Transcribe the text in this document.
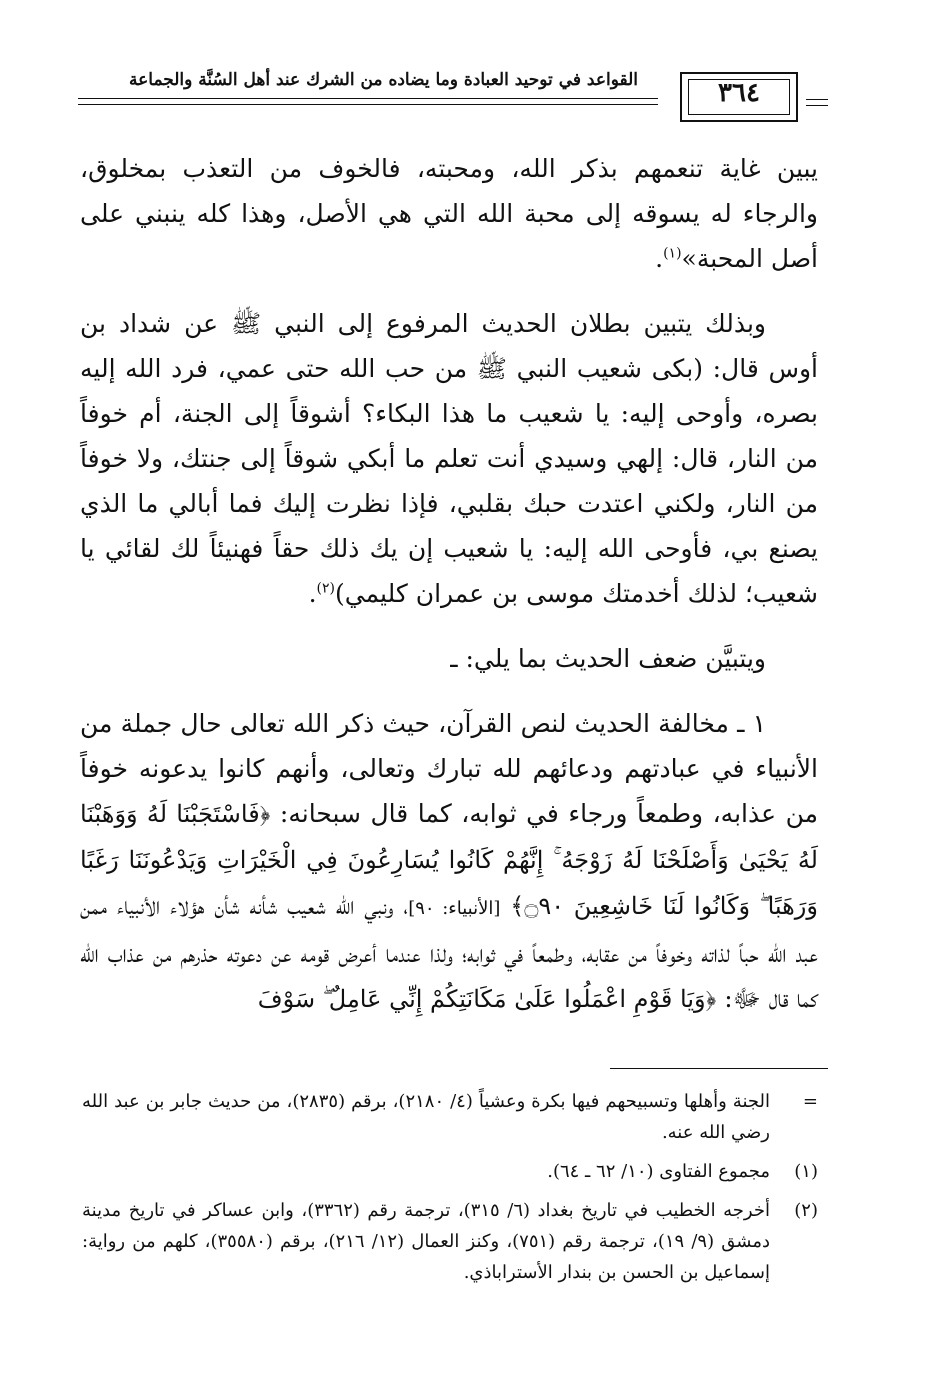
القواعد في توحيد العبادة وما يضاده من الشرك عند أهل السُنَّة والجماعة	٣٦٤

يبين غاية تنعمهم بذكر الله، ومحبته، فالخوف من التعذب بمخلوق، والرجاء له يسوقه إلى محبة الله التي هي الأصل، وهذا كله ينبني على أصل المحبة»$^{(١)}$.

وبذلك يتبين بطلان الحديث المرفوع إلى النبي ﷺ عن شداد بن أوس قال: (بكى شعيب النبي ﷺ من حب الله حتى عمي، فرد الله إليه بصره، وأوحى إليه: يا شعيب ما هذا البكاء؟ أشوقاً إلى الجنة، أم خوفاً من النار، قال: إلهي وسيدي أنت تعلم ما أبكي شوقاً إلى جنتك، ولا خوفاً من النار، ولكني اعتدت حبك بقلبي، فإذا نظرت إليك فما أبالي ما الذي يصنع بي، فأوحى الله إليه: يا شعيب إن يك ذلك حقاً فهنيئاً لك لقائي يا شعيب؛ لذلك أخدمتك موسى بن عمران كليمي)$^{(٢)}$.

ويتبيَّن ضعف الحديث بما يلي: ـ

١ ـ مخالفة الحديث لنص القرآن، حيث ذكر الله تعالى حال جملة من الأنبياء في عبادتهم ودعائهم لله تبارك وتعالى، وأنهم كانوا يدعونه خوفاً من عذابه، وطمعاً ورجاء في ثوابه، كما قال سبحانه: ﴿فَاسْتَجَبْنَا لَهُ وَوَهَبْنَا لَهُ يَحْيَىٰ وَأَصْلَحْنَا لَهُ زَوْجَهُ ۚ إِنَّهُمْ كَانُوا يُسَارِعُونَ فِي الْخَيْرَاتِ وَيَدْعُونَنَا رَغَبًا وَرَهَبًا ۖ وَكَانُوا لَنَا خَاشِعِينَ ۝٩٠﴾ [الأنبياء: ٩٠]، ونبي الله شعيب شأنه شأن هؤلاء الأنبياء ممن عبد الله حباً لذاته وخوفاً من عقابه، وطمعاً في ثوابه؛ ولذا عندما أعرض قومه عن دعوته حذرهم من عذاب الله كما قال ﷻ: ﴿وَيَا قَوْمِ اعْمَلُوا عَلَىٰ مَكَانَتِكُمْ إِنِّي عَامِلٌ ۖ سَوْفَ

=
الجنة وأهلها وتسبيحهم فيها بكرة وعشياً (٤/ ٢١٨٠)، برقم (٢٨٣٥)، من حديث جابر بن عبد الله رضي الله عنه.
(١)
مجموع الفتاوى (١٠/ ٦٢ ـ ٦٤).
(٢)
أخرجه الخطيب في تاريخ بغداد (٦/ ٣١٥)، ترجمة رقم (٣٣٦٢)، وابن عساكر في تاريخ مدينة دمشق (٩/ ١٩)، ترجمة رقم (٧٥١)، وكنز العمال (١٢/ ٢١٦)، برقم (٣٥٥٨٠)، كلهم من رواية: إسماعيل بن الحسن بن بندار الأستراباذي.
